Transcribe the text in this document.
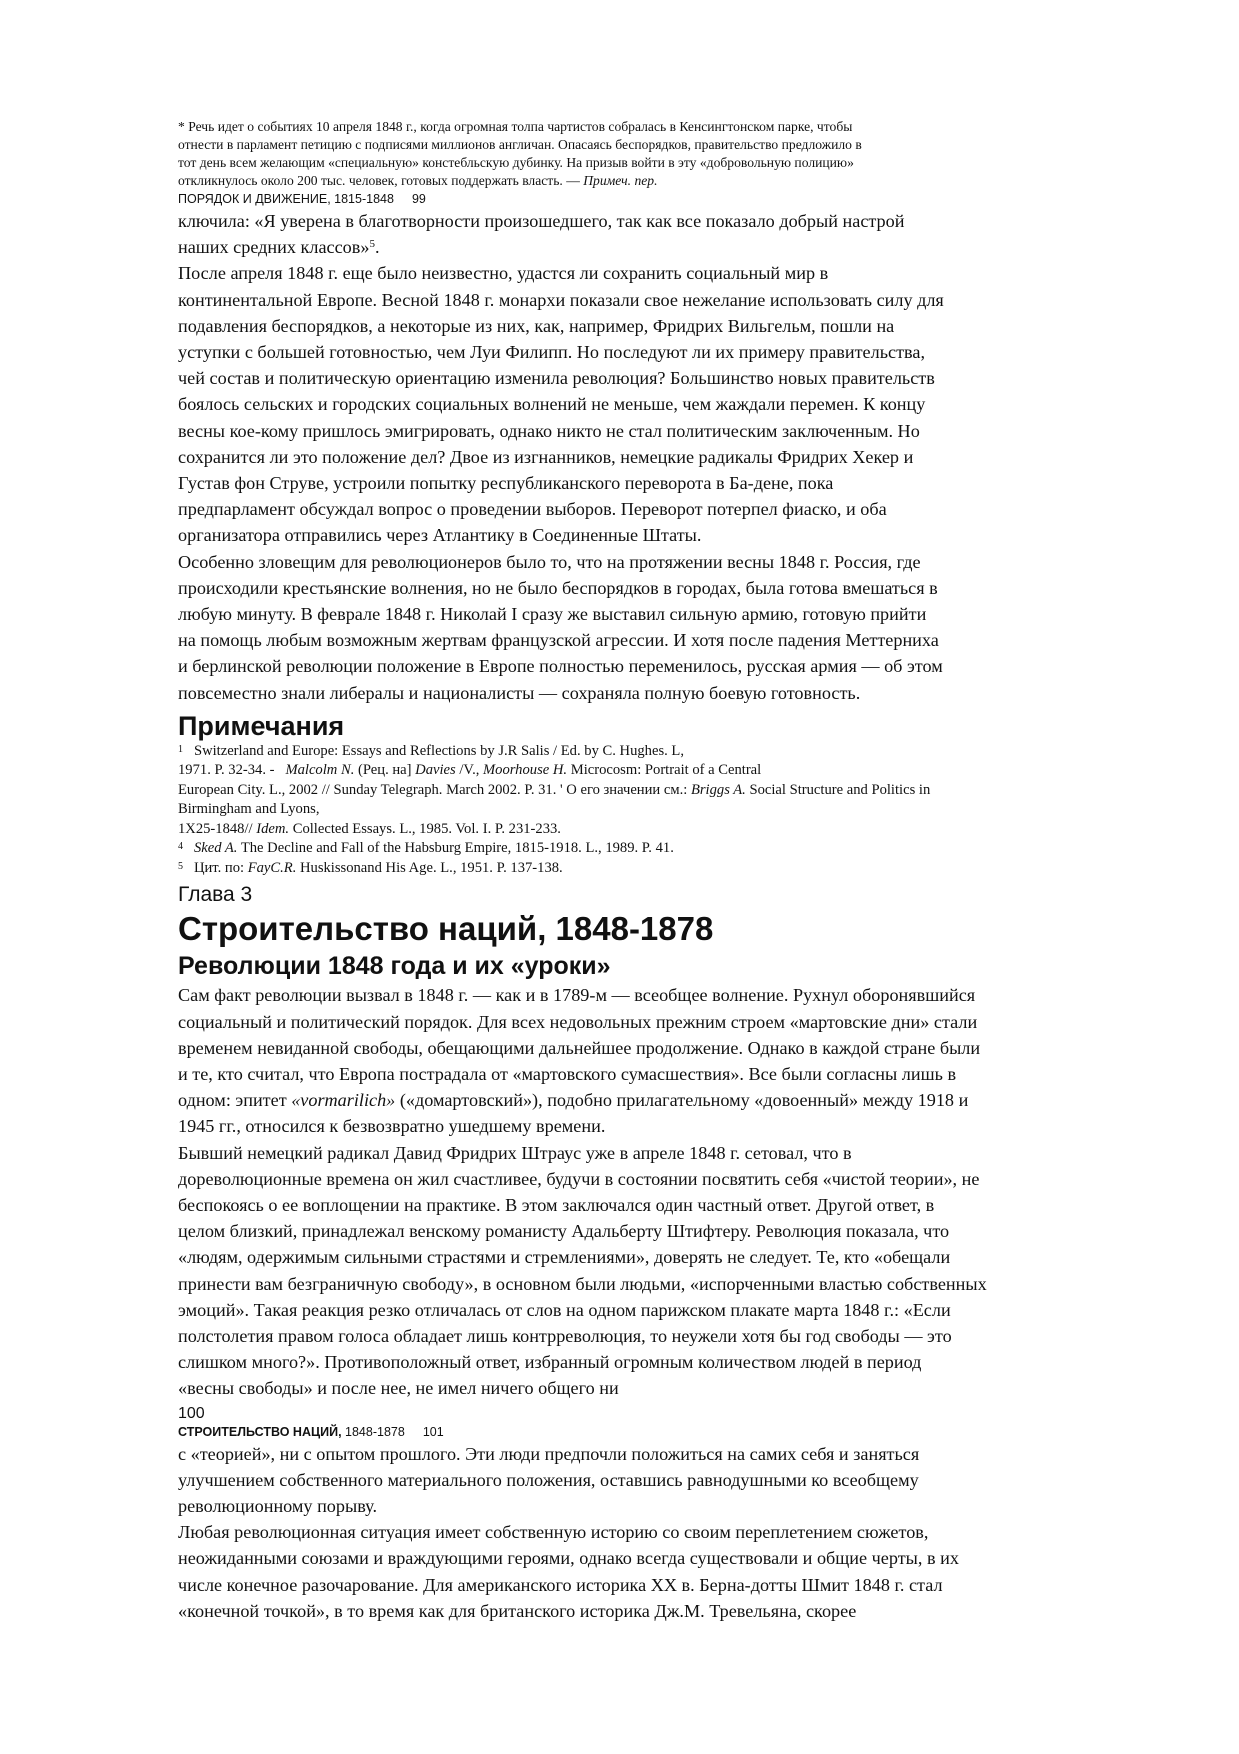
* Речь идет о событиях 10 апреля 1848 г., когда огромная толпа чартистов собралась в Кенсингтонском парке, чтобы
отнести в парламент петицию с подписями миллионов англичан. Опасаясь беспорядков, правительство предложило в
тот день всем желающим «специальную» констебльскую дубинку. На призыв войти в эту «добровольную полицию»
откликнулось около 200 тыс. человек, готовых поддержать власть. — Примеч. пер.
ПОРЯДОК И ДВИЖЕНИЕ, 1815-1848 99
ключила: «Я уверена в благотворности произошедшего, так как все показало добрый настрой
наших средних классов»$^5$.
После апреля 1848 г. еще было неизвестно, удастся ли сохранить социальный мир в
континентальной Европе. Весной 1848 г. монархи показали свое нежелание использовать силу для
подавления беспорядков, а некоторые из них, как, например, Фридрих Вильгельм, пошли на
уступки с большей готовностью, чем Луи Филипп. Но последуют ли их примеру правительства,
чей состав и политическую ориентацию изменила революция? Большинство новых правительств
боялось сельских и городских социальных волнений не меньше, чем жаждали перемен. К концу
весны кое-кому пришлось эмигрировать, однако никто не стал политическим заключенным. Но
сохранится ли это положение дел? Двое из изгнанников, немецкие радикалы Фридрих Хекер и
Густав фон Струве, устроили попытку республиканского переворота в Ба-дене, пока
предпарламент обсуждал вопрос о проведении выборов. Переворот потерпел фиаско, и оба
организатора отправились через Атлантику в Соединенные Штаты.
Особенно зловещим для революционеров было то, что на протяжении весны 1848 г. Россия, где
происходили крестьянские волнения, но не было беспорядков в городах, была готова вмешаться в
любую минуту. В феврале 1848 г. Николай I сразу же выставил сильную армию, готовую прийти
на помощь любым возможным жертвам французской агрессии. И хотя после падения Меттерниха
и берлинской революции положение в Европе полностью переменилось, русская армия — об этом
повсеместно знали либералы и националисты — сохраняла полную боевую готовность.
Примечания

$^1$ Switzerland and Europe: Essays and Reflections by J.R Salis / Ed. by C. Hughes. L,

1971. P. 32-34. -   Malcolm N. (Рец. на] Davies /V., Moorhouse H. Microcosm: Portrait of a Central

European City. L., 2002 // Sunday Telegraph. March 2002. P. 31. ' О его значении см.: Briggs A. Social Structure and Politics in

Birmingham and Lyons,

1X25-1848// Idem. Collected Essays. L., 1985. Vol. I. P. 231-233.

$^4$ Sked A. The Decline and Fall of the Habsburg Empire, 1815-1918. L., 1989. P. 41.

$^5$ Цит. по: FayC.R. Huskissonand His Age. L., 1951. P. 137-138.

Глава 3
Строительство наций, 1848-1878
Революции 1848 года и их «уроки»
Сам факт революции вызвал в 1848 г. — как и в 1789-м — всеобщее волнение. Рухнул оборонявшийся
социальный и политический порядок. Для всех недовольных прежним строем «мартовские дни» стали
временем невиданной свободы, обещающими дальнейшее продолжение. Однако в каждой стране были
и те, кто считал, что Европа пострадала от «мартовского сумасшествия». Все были согласны лишь в
одном: эпитет «vormarilich» («домартовский»), подобно прилагательному «довоенный» между 1918 и
1945 гг., относился к безвозвратно ушедшему времени.
Бывший немецкий радикал Давид Фридрих Штраус уже в апреле 1848 г. сетовал, что в
дореволюционные времена он жил счастливее, будучи в состоянии посвятить себя «чистой теории», не
беспокоясь о ее воплощении на практике. В этом заключался один частный ответ. Другой ответ, в
целом близкий, принадлежал венскому романисту Адальберту Штифтеру. Революция показала, что
«людям, одержимым сильными страстями и стремлениями», доверять не следует. Те, кто «обещали
принести вам безграничную свободу», в основном были людьми, «испорченными властью собственных
эмоций». Такая реакция резко отличалась от слов на одном парижском плакате марта 1848 г.: «Если
полстолетия правом голоса обладает лишь контрреволюция, то неужели хотя бы год свободы — это
слишком много?». Противоположный ответ, избранный огромным количеством людей в период
«весны свободы» и после нее, не имел ничего общего ни
100
СТРОИТЕЛЬСТВО НАЦИЙ, 1848-1878 101
с «теорией», ни с опытом прошлого. Эти люди предпочли положиться на самих себя и заняться
улучшением собственного материального положения, оставшись равнодушными ко всеобщему
революционному порыву.
Любая революционная ситуация имеет собственную историю со своим переплетением сюжетов,
неожиданными союзами и враждующими героями, однако всегда существовали и общие черты, в их
числе конечное разочарование. Для американского историка XX в. Берна-дотты Шмит 1848 г. стал
«конечной точкой», в то время как для британского историка Дж.М. Тревельяна, скорее
